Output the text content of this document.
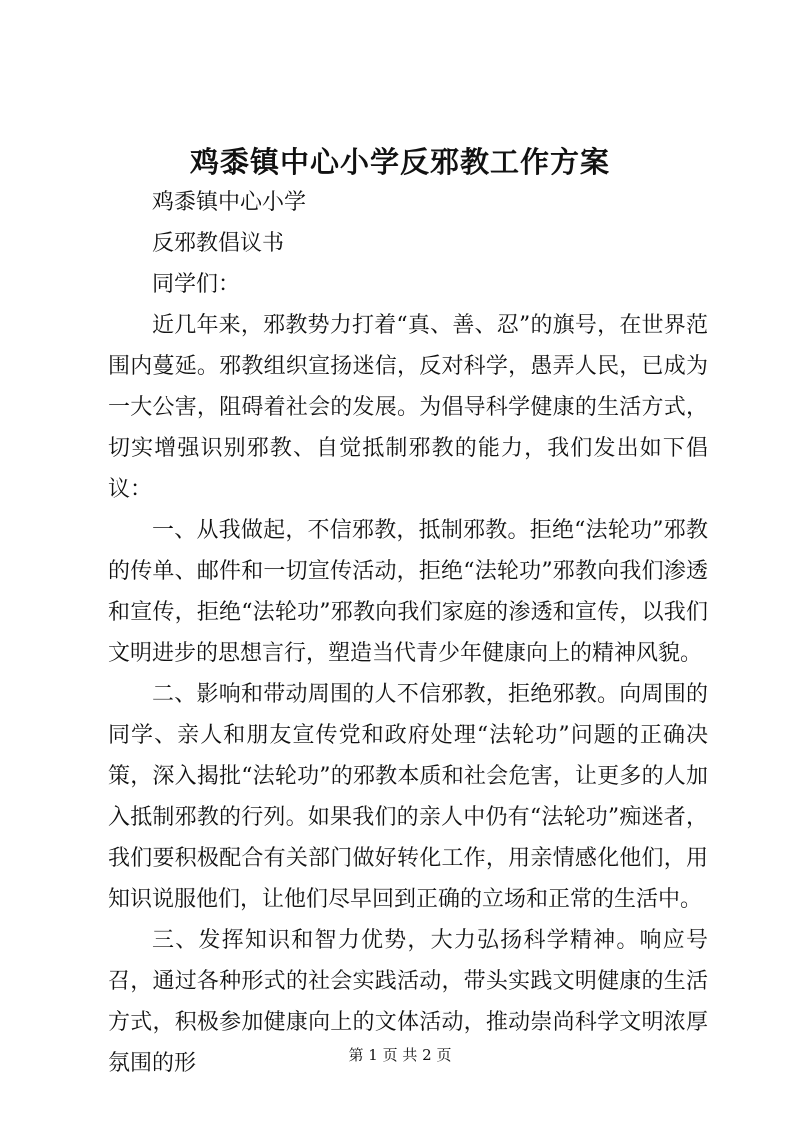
鸡黍镇中心小学反邪教工作方案

鸡黍镇中心小学

反邪教倡议书

同学们：

近几年来，邪教势力打着“真、善、忍”的旗号，在世界范围内蔓延。邪教组织宣扬迷信，反对科学，愚弄人民，已成为一大公害，阻碍着社会的发展。为倡导科学健康的生活方式，切实增强识别邪教、自觉抵制邪教的能力，我们发出如下倡议：

一、从我做起，不信邪教，抵制邪教。拒绝“法轮功”邪教的传单、邮件和一切宣传活动，拒绝“法轮功”邪教向我们渗透和宣传，拒绝“法轮功”邪教向我们家庭的渗透和宣传，以我们文明进步的思想言行，塑造当代青少年健康向上的精神风貌。

二、影响和带动周围的人不信邪教，拒绝邪教。向周围的同学、亲人和朋友宣传党和政府处理“法轮功”问题的正确决策，深入揭批“法轮功”的邪教本质和社会危害，让更多的人加入抵制邪教的行列。如果我们的亲人中仍有“法轮功”痴迷者，我们要积极配合有关部门做好转化工作，用亲情感化他们，用知识说服他们，让他们尽早回到正确的立场和正常的生活中。

三、发挥知识和智力优势，大力弘扬科学精神。响应号召，通过各种形式的社会实践活动，带头实践文明健康的生活方式，积极参加健康向上的文体活动，推动崇尚科学文明浓厚氛围的形	第 1 页 共 2 页
